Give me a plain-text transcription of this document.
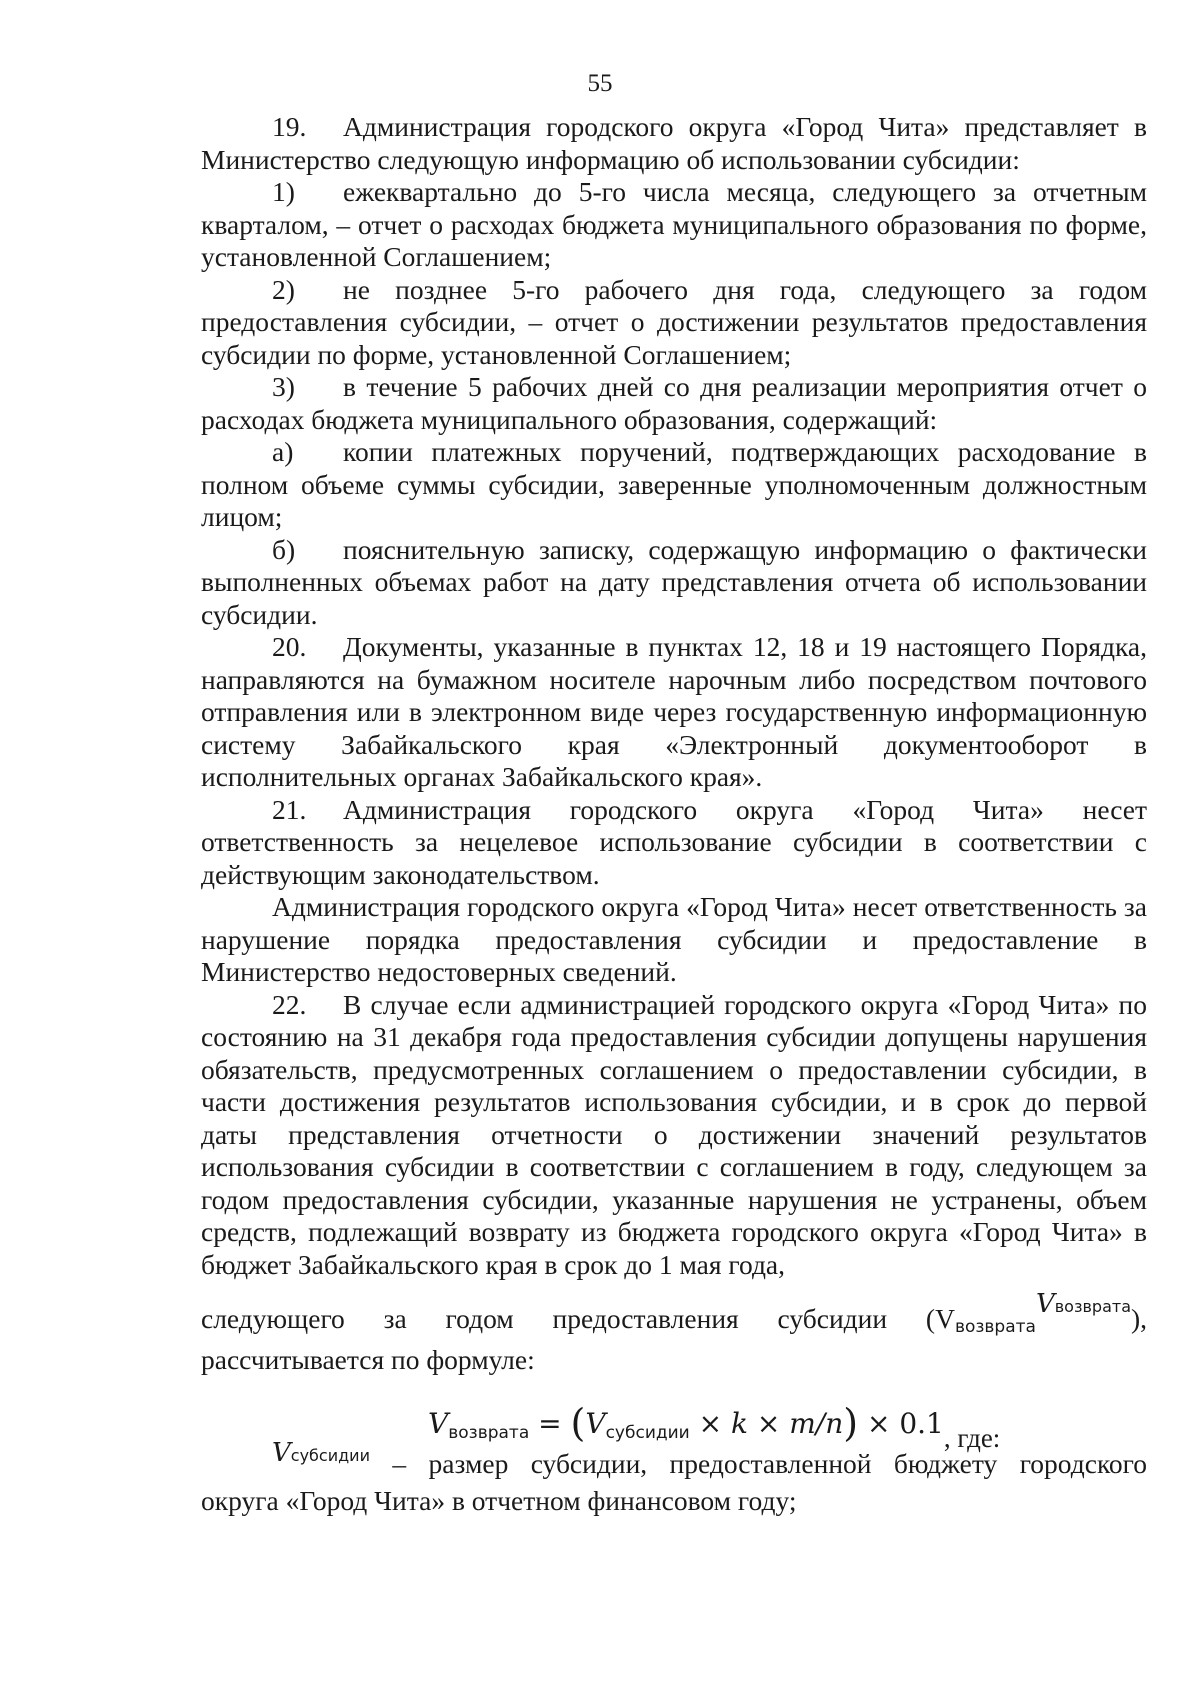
55

19. Администрация городского округа «Город Чита» представляет в Министерство следующую информацию об использовании субсидии:

1) ежеквартально до 5-го числа месяца, следующего за отчетным кварталом, – отчет о расходах бюджета муниципального образования по форме, установленной Соглашением;

2) не позднее 5-го рабочего дня года, следующего за годом предоставления субсидии, – отчет о достижении результатов предоставления субсидии по форме, установленной Соглашением;

3) в течение 5 рабочих дней со дня реализации мероприятия отчет о расходах бюджета муниципального образования, содержащий:

а) копии платежных поручений, подтверждающих расходование в полном объеме суммы субсидии, заверенные уполномоченным должностным лицом;

б) пояснительную записку, содержащую информацию о фактически выполненных объемах работ на дату представления отчета об использовании субсидии.

20. Документы, указанные в пунктах 12, 18 и 19 настоящего Порядка, направляются на бумажном носителе нарочным либо посредством почтового отправления или в электронном виде через государственную информационную систему Забайкальского края «Электронный документооборот в исполнительных органах Забайкальского края».

21. Администрация городского округа «Город Чита» несет ответственность за нецелевое использование субсидии в соответствии с действующим законодательством.

Администрация городского округа «Город Чита» несет ответственность за нарушение порядка предоставления субсидии и предоставление в Министерство недостоверных сведений.

22. В случае если администрацией городского округа «Город Чита» по состоянию на 31 декабря года предоставления субсидии допущены нарушения обязательств, предусмотренных соглашением о предоставлении субсидии, в части достижения результатов использования субсидии, и в срок до первой даты представления отчетности о достижении значений результатов использования субсидии в соответствии с соглашением в году, следующем за годом предоставления субсидии, указанные нарушения не устранены, объем средств, подлежащий возврату из бюджета городского округа «Город Чита» в бюджет Забайкальского края в срок до 1 мая года,

следующего за годом предоставления субсидии (VвозвратаVвозврата),

рассчитывается по формуле:

$V_{возврата} = (V_{субсидии} \times k \times m/n) \times 0.1$, где:

Vсубсидии – размер субсидии, предоставленной бюджету городского

округа «Город Чита» в отчетном финансовом году;
